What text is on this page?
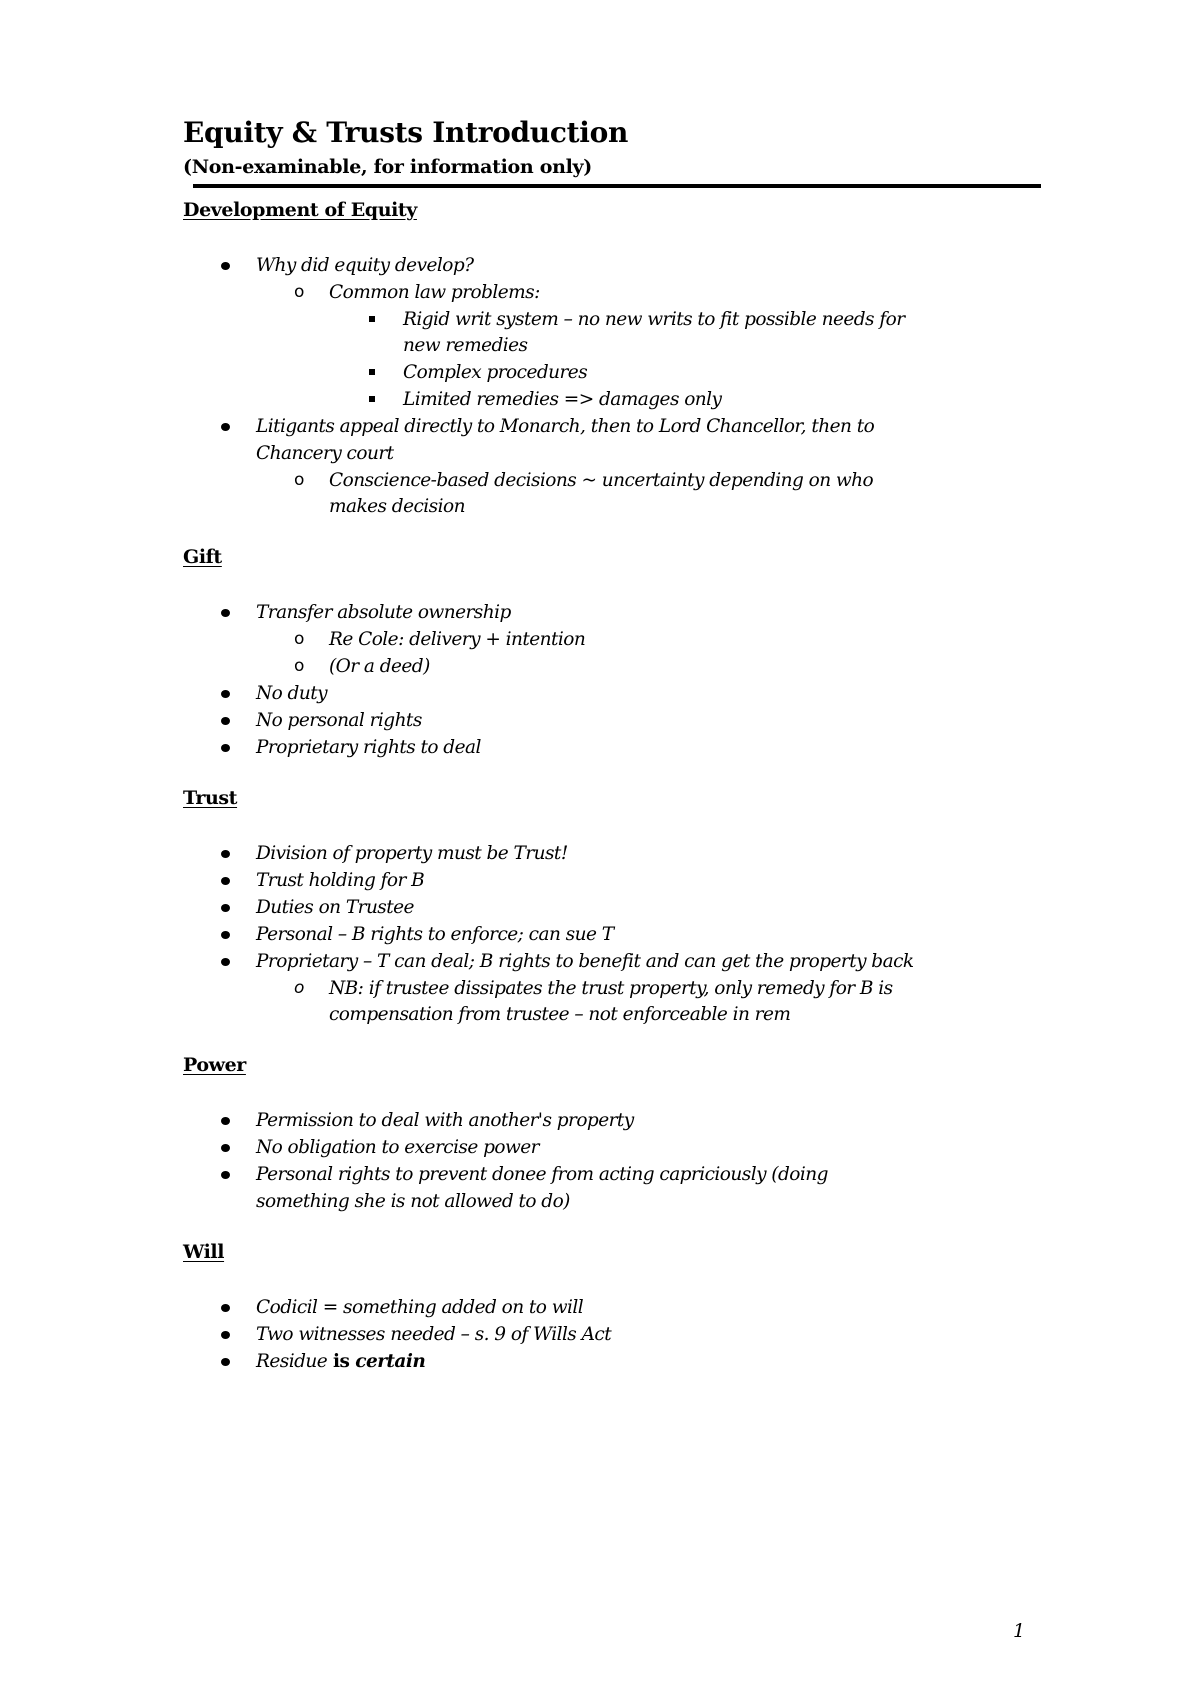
Equity & Trusts Introduction
(Non-examinable, for information only)
Development of Equity
Why did equity develop?
o Common law problems:
Rigid writ system – no new writs to fit possible needs for
new remedies
Complex procedures
Limited remedies => damages only
Litigants appeal directly to Monarch, then to Lord Chancellor, then to
Chancery court
o Conscience-based decisions ~ uncertainty depending on who
makes decision
Gift
Transfer absolute ownership
o Re Cole: delivery + intention
o (Or a deed)
No duty
No personal rights
Proprietary rights to deal
Trust
Division of property must be Trust!
Trust holding for B
Duties on Trustee
Personal – B rights to enforce; can sue T
Proprietary – T can deal; B rights to benefit and can get the property back
o NB: if trustee dissipates the trust property, only remedy for B is
compensation from trustee – not enforceable in rem
Power
Permission to deal with another's property
No obligation to exercise power
Personal rights to prevent donee from acting capriciously (doing
something she is not allowed to do)
Will
Codicil = something added on to will
Two witnesses needed – s. 9 of Wills Act
Residue is certain
1
